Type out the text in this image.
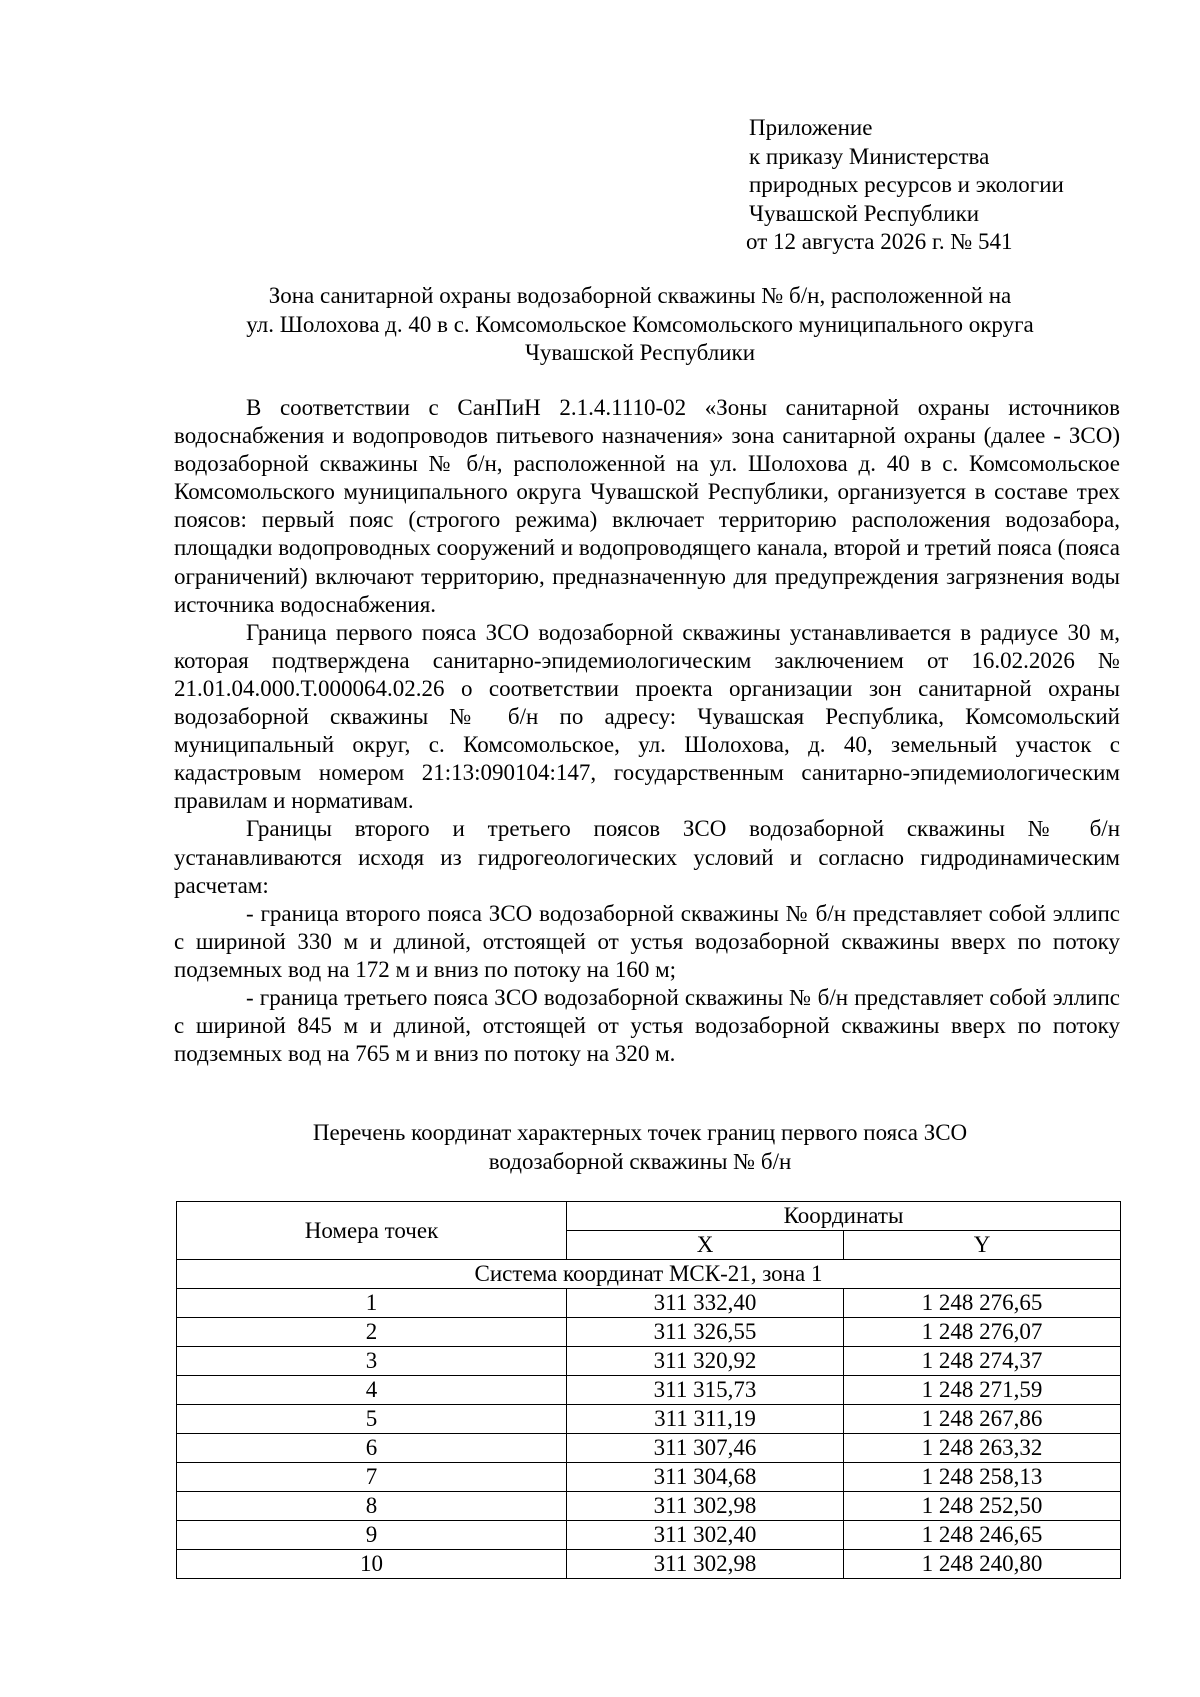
Приложение
к приказу Министерства
природных ресурсов и экологии
Чувашской Республики
от 12 августа 2026 г. № 541
Зона санитарной охраны водозаборной скважины № б/н, расположенной на
ул. Шолохова д. 40 в с. Комсомольское Комсомольского муниципального округа
Чувашской Республики

В соответствии с СанПиН 2.1.4.1110-02 «Зоны санитарной охраны источников водоснабжения и водопроводов питьевого назначения» зона санитарной охраны (далее - ЗСО) водозаборной скважины № б/н, расположенной на ул. Шолохова д. 40 в с. Комсомольское Комсомольского муниципального округа Чувашской Республики, организуется в составе трех поясов: первый пояс (строгого режима) включает территорию расположения водозабора, площадки водопроводных сооружений и водопроводящего канала, второй и третий пояса (пояса ограничений) включают территорию, предназначенную для предупреждения загрязнения воды источника водоснабжения.

Граница первого пояса ЗСО водозаборной скважины устанавливается в радиусе 30 м, которая подтверждена санитарно-эпидемиологическим заключением от 16.02.2026 № 21.01.04.000.Т.000064.02.26 о соответствии проекта организации зон санитарной охраны водозаборной скважины № б/н по адресу: Чувашская Республика, Комсомольский муниципальный округ, с. Комсомольское, ул. Шолохова, д. 40, земельный участок с кадастровым номером 21:13:090104:147, государственным санитарно-эпидемиологическим правилам и нормативам.

Границы второго и третьего поясов ЗСО водозаборной скважины № б/н устанавливаются исходя из гидрогеологических условий и согласно гидродинамическим расчетам:

- граница второго пояса ЗСО водозаборной скважины № б/н представляет собой эллипс с шириной 330 м и длиной, отстоящей от устья водозаборной скважины вверх по потоку подземных вод на 172 м и вниз по потоку на 160 м;

- граница третьего пояса ЗСО водозаборной скважины № б/н представляет собой эллипс с шириной 845 м и длиной, отстоящей от устья водозаборной скважины вверх по потоку подземных вод на 765 м и вниз по потоку на 320 м.

Перечень координат характерных точек границ первого пояса ЗСО
водозаборной скважины № б/н
Номера точек	Координаты	
	X	Y
Система координат МСК-21, зона 1		
1	311 332,40	1 248 276,65
2	311 326,55	1 248 276,07
3	311 320,92	1 248 274,37
4	311 315,73	1 248 271,59
5	311 311,19	1 248 267,86
6	311 307,46	1 248 263,32
7	311 304,68	1 248 258,13
8	311 302,98	1 248 252,50
9	311 302,40	1 248 246,65
10	311 302,98	1 248 240,80
